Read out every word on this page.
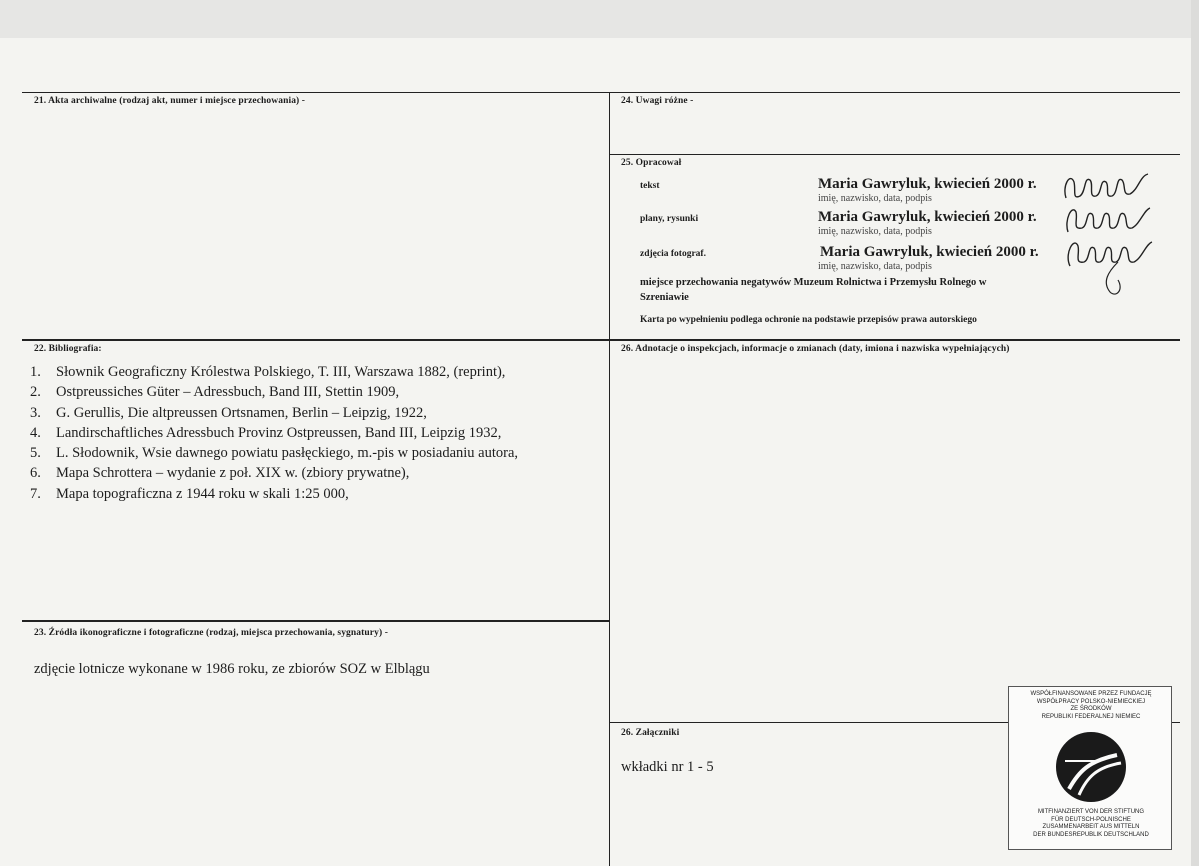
21. Akta archiwalne (rodzaj akt, numer i miejsce przechowania) -	24. Uwagi różne -
25. Opracował
tekst	Maria Gawryluk, kwiecień 2000 r.
imię, nazwisko, data, podpis
plany, rysunki	Maria Gawryluk, kwiecień 2000 r.
imię, nazwisko, data, podpis
zdjęcia fotograf.	Maria Gawryluk, kwiecień 2000 r.
imię, nazwisko, data, podpis
miejsce przechowania negatywów Muzeum Rolnictwa i Przemysłu Rolnego w
Szreniawie
Karta po wypełnieniu podlega ochronie na podstawie przepisów prawa autorskiego
22. Bibliografia:
1. Słownik Geograficzny Królestwa Polskiego, T. III, Warszawa 1882, (reprint),
2. Ostpreussiches Güter – Adressbuch, Band III, Stettin 1909,
3. G. Gerullis, Die altpreussen Ortsnamen, Berlin – Leipzig, 1922,
4. Landirschaftliches Adressbuch Provinz Ostpreussen, Band III, Leipzig 1932,
5. L. Słodownik, Wsie dawnego powiatu pasłęckiego, m.-pis w posiadaniu autora,
6. Mapa Schrottera – wydanie z poł. XIX w. (zbiory prywatne),
7. Mapa topograficzna z 1944 roku w skali 1:25 000,
26. Adnotacje o inspekcjach, informacje o zmianach (daty, imiona i nazwiska wypełniających)
23. Źródła ikonograficzne i fotograficzne (rodzaj, miejsca przechowania, sygnatury) -
zdjęcie lotnicze wykonane w 1986 roku, ze zbiorów SOZ w Elblągu
26. Załączniki
wkładki nr 1 - 5
WSPÓŁFINANSOWANE PRZEZ FUNDACJĘ
WSPÓŁPRACY POLSKO-NIEMIECKIEJ
ZE ŚRODKÓW
REPUBLIKI FEDERALNEJ NIEMIEC
MITFINANZIERT VON DER STIFTUNG
FÜR DEUTSCH-POLNISCHE
ZUSAMMENARBEIT AUS MITTELN
DER BUNDESREPUBLIK DEUTSCHLAND
